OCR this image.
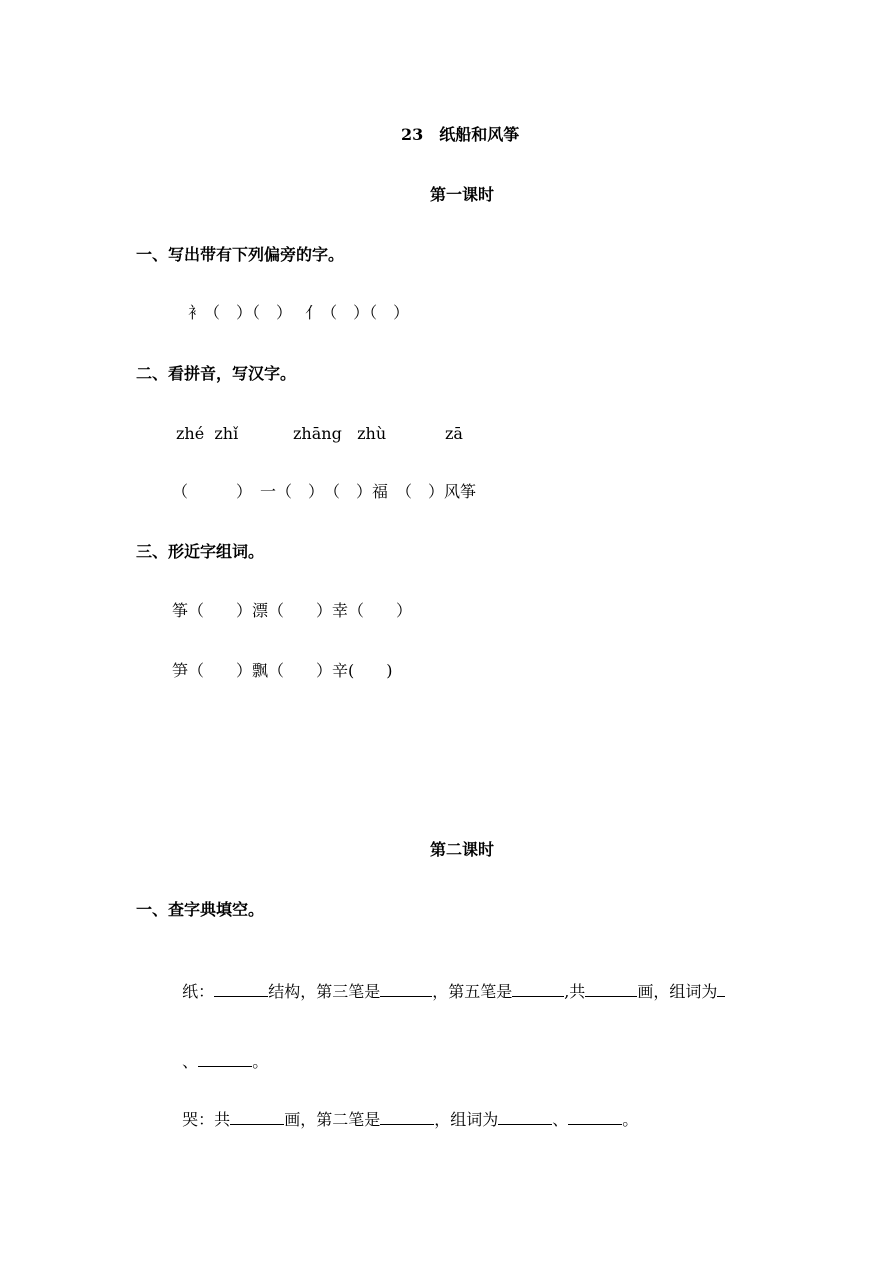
23　纸船和风筝
第一课时
一、写出带有下列偏旁的字。
衤（　）（　）　 亻（　）（　）
二、看拼音，写汉字。
zhé  zhǐ	zhāng   zhù	zā
（　　　）　一（　）　（　）福　（　）风筝
三、形近字组词。
筝（　　）漂（　　）幸（　　）
笋（　　）飘（　　）辛(　　)
第二课时
一、查字典填空。

纸：	结构，第三笔是	，第五笔是	,共	画，组词为

、	。

哭：共	画，第二笔是	，组词为	、	。
